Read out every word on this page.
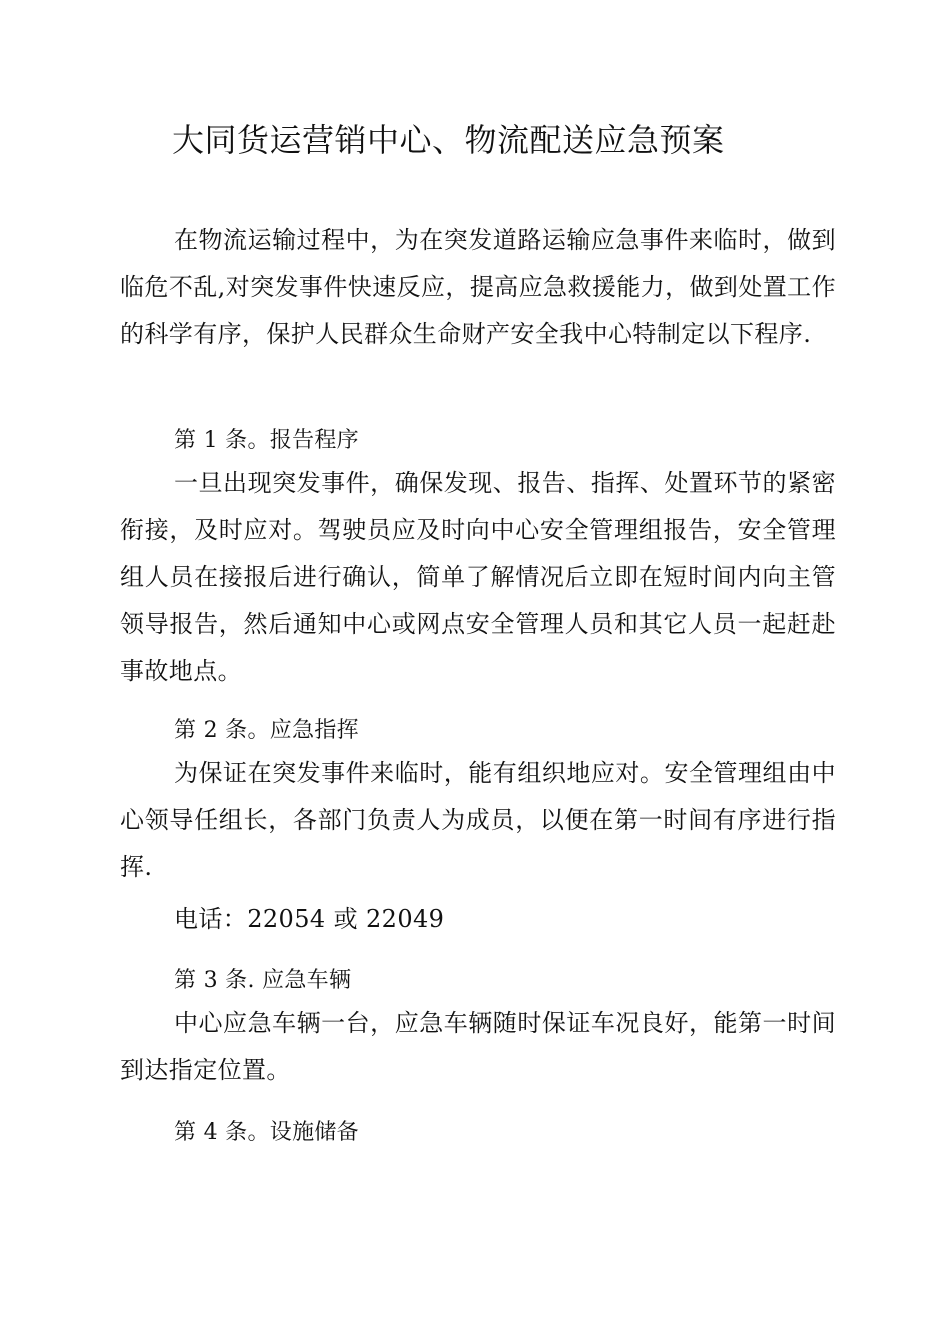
大同货运营销中心、物流配送应急预案

在物流运输过程中，为在突发道路运输应急事件来临时，做到临危不乱,对突发事件快速反应，提高应急救援能力，做到处置工作的科学有序，保护人民群众生命财产安全我中心特制定以下程序.

第 1 条。报告程序

一旦出现突发事件，确保发现、报告、指挥、处置环节的紧密衔接，及时应对。驾驶员应及时向中心安全管理组报告，安全管理组人员在接报后进行确认，简单了解情况后立即在短时间内向主管领导报告，然后通知中心或网点安全管理人员和其它人员一起赶赴事故地点。

第 2 条。应急指挥

为保证在突发事件来临时，能有组织地应对。安全管理组由中心领导任组长，各部门负责人为成员，以便在第一时间有序进行指挥.

电话：22054 或 22049

第 3 条. 应急车辆

中心应急车辆一台，应急车辆随时保证车况良好，能第一时间到达指定位置。

第 4 条。设施储备
